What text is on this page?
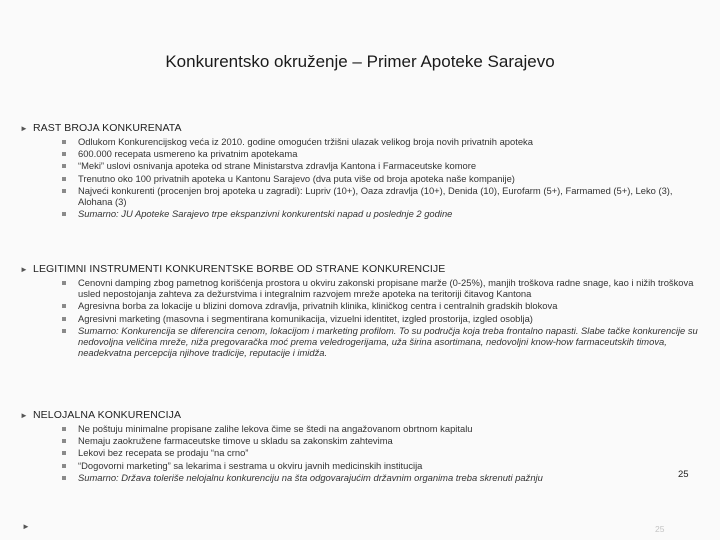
Konkurentsko okruženje – Primer Apoteke Sarajevo
► RAST BROJA KONKURENATA
Odlukom Konkurencijskog veća iz 2010. godine omogućen tržišni ulazak velikog broja novih privatnih apoteka
600.000 recepata usmereno ka privatnim apotekama
“Meki” uslovi osnivanja apoteka od strane Ministarstva zdravlja Kantona i Farmaceutske komore
Trenutno oko 100 privatnih apoteka u Kantonu Sarajevo (dva puta više od broja apoteka naše kompanije)
Najveći konkurenti (procenjen broj apoteka u zagradi): Lupriv (10+), Oaza zdravlja (10+), Denida (10), Eurofarm (5+), Farmamed (5+), Leko (3), Alohana (3)
Sumarno: JU Apoteke Sarajevo trpe ekspanzivni konkurentski napad u poslednje 2 godine
► LEGITIMNI INSTRUMENTI KONKURENTSKE BORBE OD STRANE KONKURENCIJE
Cenovni damping zbog pametnog korišćenja prostora u okviru zakonski propisane marže (0-25%), manjih troškova radne snage, kao i nižih troškova usled nepostojanja zahteva za dežurstvima i integralnim razvojem mreže apoteka na teritoriji čitavog Kantona
Agresivna borba za lokacije u blizini domova zdravlja, privatnih klinika, kliničkog centra i centralnih gradskih blokova
Agresivni marketing (masovna i segmentirana komunikacija, vizuelni identitet, izgled prostorija, izgled osoblja)
Sumarno: Konkurencija se diferencira cenom, lokacijom i marketing profilom. To su područja koja treba frontalno napasti. Slabe tačke konkurencije su nedovoljna veličina mreže, niža pregovaračka moć prema veledrogerijama, uža širina asortimana, nedovoljni know-how farmaceutskih timova, neadekvatna percepcija njihove tradicije, reputacije i imidža.
► NELOJALNA KONKURENCIJA
Ne poštuju minimalne propisane zalihe lekova čime se štedi na angažovanom obrtnom kapitalu
Nemaju zaokružene farmaceutske timove u skladu sa zakonskim zahtevima
Lekovi bez recepata se prodaju “na crno”
“Dogovorni marketing” sa lekarima i sestrama u okviru javnih medicinskih institucija
Sumarno: Država toleriše nelojalnu konkurenciju na šta odgovarajućim državnim organima treba skrenuti pažnju	25
25
►
